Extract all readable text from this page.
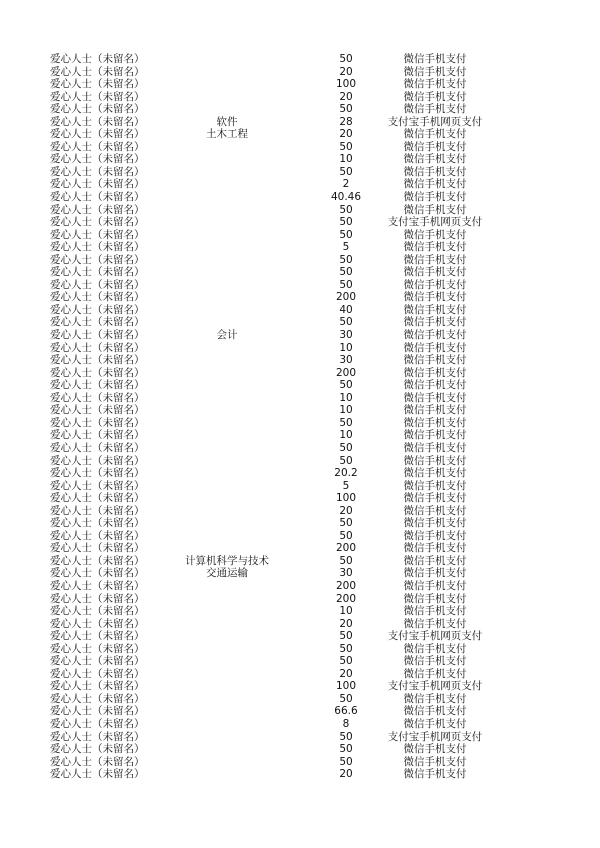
爱心人士（未留名）	50	微信手机支付
爱心人士（未留名）	20	微信手机支付
爱心人士（未留名）	100	微信手机支付
爱心人士（未留名）	20	微信手机支付
爱心人士（未留名）	50	微信手机支付
爱心人士（未留名）	软件	28	支付宝手机网页支付
爱心人士（未留名）	土木工程	20	微信手机支付
爱心人士（未留名）	50	微信手机支付
爱心人士（未留名）	10	微信手机支付
爱心人士（未留名）	50	微信手机支付
爱心人士（未留名）	2	微信手机支付
爱心人士（未留名）	40.46	微信手机支付
爱心人士（未留名）	50	微信手机支付
爱心人士（未留名）	50	支付宝手机网页支付
爱心人士（未留名）	50	微信手机支付
爱心人士（未留名）	5	微信手机支付
爱心人士（未留名）	50	微信手机支付
爱心人士（未留名）	50	微信手机支付
爱心人士（未留名）	50	微信手机支付
爱心人士（未留名）	200	微信手机支付
爱心人士（未留名）	40	微信手机支付
爱心人士（未留名）	50	微信手机支付
爱心人士（未留名）	会计	30	微信手机支付
爱心人士（未留名）	10	微信手机支付
爱心人士（未留名）	30	微信手机支付
爱心人士（未留名）	200	微信手机支付
爱心人士（未留名）	50	微信手机支付
爱心人士（未留名）	10	微信手机支付
爱心人士（未留名）	10	微信手机支付
爱心人士（未留名）	50	微信手机支付
爱心人士（未留名）	10	微信手机支付
爱心人士（未留名）	50	微信手机支付
爱心人士（未留名）	50	微信手机支付
爱心人士（未留名）	20.2	微信手机支付
爱心人士（未留名）	5	微信手机支付
爱心人士（未留名）	100	微信手机支付
爱心人士（未留名）	20	微信手机支付
爱心人士（未留名）	50	微信手机支付
爱心人士（未留名）	50	微信手机支付
爱心人士（未留名）	200	微信手机支付
爱心人士（未留名）	计算机科学与技术	50	微信手机支付
爱心人士（未留名）	交通运输	30	微信手机支付
爱心人士（未留名）	200	微信手机支付
爱心人士（未留名）	200	微信手机支付
爱心人士（未留名）	10	微信手机支付
爱心人士（未留名）	20	微信手机支付
爱心人士（未留名）	50	支付宝手机网页支付
爱心人士（未留名）	50	微信手机支付
爱心人士（未留名）	50	微信手机支付
爱心人士（未留名）	20	微信手机支付
爱心人士（未留名）	100	支付宝手机网页支付
爱心人士（未留名）	50	微信手机支付
爱心人士（未留名）	66.6	微信手机支付
爱心人士（未留名）	8	微信手机支付
爱心人士（未留名）	50	支付宝手机网页支付
爱心人士（未留名）	50	微信手机支付
爱心人士（未留名）	50	微信手机支付
爱心人士（未留名）	20	微信手机支付
